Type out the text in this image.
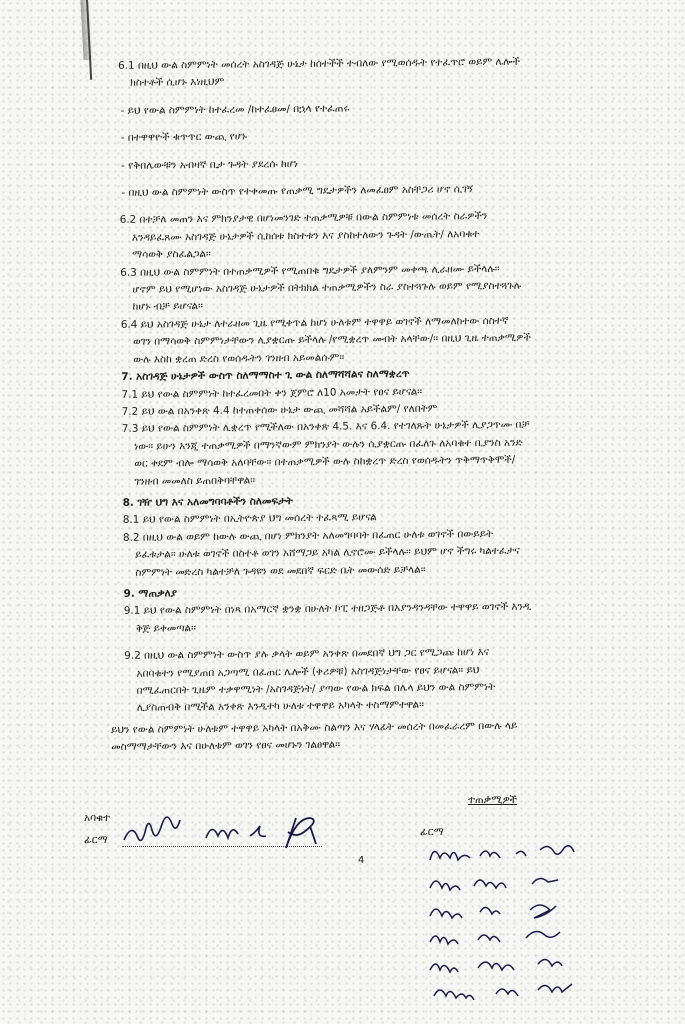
6.1 በዚህ ውል ስምምነት መሰረት አስገዳጅ ሁኔታ ከሰተችች ተብለው የሚወሰዱት የተፈጥሮ ወይም ሌሎች
ክስተቶች ሲሆኑ እነዚህም
- ይህ የውል ስምምነት ከተፈረመ /ከተፈፀመ/ በኋላ የተፈጠሩ
- በተዋዋዮች ቁጥጥር ውጪ የሆኑ
- የቅበሌውቹን አብዛኛ ቢታ ጉዳት ያደረሱ ከሆነ
- በዚህ ውል ስምምነት ውስጥ የተቀመጡ የጠቃሚ ግዴታዎችን ለመፈፀም አስቸጋሪ ሆኖ ሲገኝ
6.2 በተቻለ መጠን እና ምክንያታዊ በሆነመንገድ ተጠቃሚዎቹ በውል ስምምነቱ መሰረት ስራዎችን
እንዳይፈጸሙ አስገዳጅ ሁኔታዎች ሲከሰቱ ክስተቱን እና ያስከተለውን ጉዳት /ውጤት/ ለአባቁተ
ማሳወቅ ያስፈልጋል።
6.3 በዚህ ውል ስምምነት በተጠቃሚዎች የሚጠበቁ ግዴታዎች ያለምንም መቀጫ ሊራዘሙ ይችላሉ።
ሆኖም ይህ የሚሆነው አስገዳጅ ሁኔታዎች በትክክል ተጠቃሚዎችን ስራ ያስተጓጉሉ ወይም የሚያስተጓጉሉ
ከሆኑ ብቻ ይሆናል።
6.4 ይህ አስገዳጅ ሁኔታ ለተራዘመ ጊዜ የሚቀጥል ከሆነ ሁለቱም ተዋዋይ ወገኖች ለማመለከተው ሰስተኛ
ወገን በማሳወቅ ስምምነታቸውን ሊያቋርጡ ይችላሉ /የሚቋረጥ መብት አላቸው/። በዚህ ጊዜ ተጠቃሚዎች
ውሉ እስከ ቋረጠ ድረስ የወሰዱትን ገንዘብ አይመልሱም።
7. አስገዳጅ ሁኔታዎች ውስጥ ስለማማስተ ጊ ውል ስለማሻሻልና ስለማቋረጥ
7.1 ይህ የውል ስምምነት ከተፈረመበት ቀን ጀምሮ ለ10 አመታት የፀና ይሆናል።
7.2 ይህ ውል በአንቀጽ 4.4 ከተጠቀሰው ሁኔታ ውጪ መሻሻል አይችልም/ የለበትም
7.3 ይህ የውል ስምምነት ሊቋረጥ የሚችለው በአንቀጽ 4.5. እና 6.4. የተገለጹት ሁኔታዎች ሊያጋጥሙ በቻ
ነው። ይሁን እንጂ ተጠቃሚዎች በማንኛውም ምክንያት ውሉን ሲያቋርጡ በፈለጉ ለአባቁተ ቢያንስ አንድ
ወር ቀደም ብሎ ማሳወቅ አለባቸው። በተጠቃሚዎች ውሉ ስከቋረጥ ድረስ የወሰዱትን ጥቅማጥቅሞች/
ገንዘብ መመለስ ይጠበቅባቸዋል።
8. ገዥ ህግ እና አለመግባባቶችን ስለመፍታት
8.1 ይህ የውል ስምምነት በኢትዮጵያ ህግ መሰረት ተፈጻሚ ይሆናል
8.2 በዚህ ውል ወይም ከውሉ ውጪ በሆነ ምክንያት አለመግባባት በፈጠር ሁለቱ ወገኖች በውይይት
ይፈቱታል። ሁለቱ ወገኖች በስተቶ ወገን አሸማጋይ አካል ሊኖሮሙ ይችላሉ። ይህም ሆኖ ችግሩ ካልተፈታና
ስምምነት መድረስ ካልተቻለ ጉዳዩን ወደ መደበኛ ፍርድ ቤት መውሰድ ይቻላል።
9. ማጠቃለያ
9.1 ይህ የውል ስምምነት በነጻ በአማርኛ ቋንቋ በሁለት ኮፒ ተዘጋጅቶ በእያንዳንዳቸው ተዋዋይ ወገኖች እንዲ
ቅጅ ይቀመጣል።
9.2 በዚህ ውል ስምምነት ውስጥ ያሉ ቃላት ወይም አንቀጽ በመደበኛ ህግ ጋር የሚጋጩ ከሆነ እና
አበባቁተን የሚያጠበ አጋጣሚ በፈጠር ሌሎች (ቀሪዎቹ) አስገዳጅነታቸው የፀና ይሆናል። ይህ
በሚፈጠርበት ጊዜም ተቃዋሚነት /አስገዳጅነት/ ያጣው የውል ክፍል በሌላ ይህን ውል ስምምነት
ሊያስጠብቅ በሚችል አንቀጽ እንዲተካ ሁለቱ ተዋዋይ አካላት ተስማምተዋል።
ይህን የውል ስምምነት ሁለቱም ተዋዋይ አካላት በአቅሙ ስልጣን እና ሃላፊት መሰረት በመፈራረም በውሉ ላይ
መስማማታቸውን እና በሁለቱም ወገን የፀና መሆኑን ገልፀዋል።
አባቁተ
ፊርማ
4
ተጠቃሚዎች
ፊርማ
